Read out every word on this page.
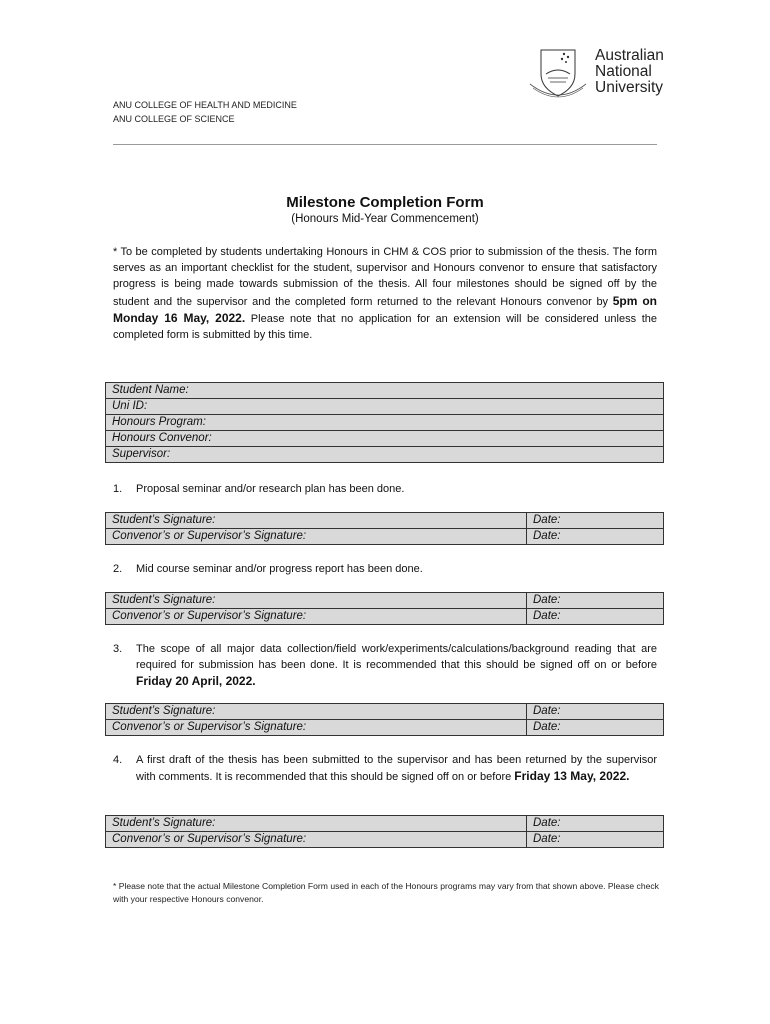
Australian
National
University
ANU COLLEGE OF HEALTH AND MEDICINE
ANU COLLEGE OF SCIENCE
Milestone Completion Form
(Honours Mid-Year Commencement)
* To be completed by students undertaking Honours in CHM & COS prior to submission of the thesis. The form serves as an important checklist for the student, supervisor and Honours convenor to ensure that satisfactory progress is being made towards submission of the thesis. All four milestones should be signed off by the student and the supervisor and the completed form returned to the relevant Honours convenor by 5pm on Monday 16 May, 2022. Please note that no application for an extension will be considered unless the completed form is submitted by this time.
Student Name:
Uni ID:
Honours Program:
Honours Convenor:
Supervisor:
1. Proposal seminar and/or research plan has been done.
Student’s Signature:	Date:
Convenor’s or Supervisor’s Signature:	Date:
2. Mid course seminar and/or progress report has been done.
Student’s Signature:	Date:
Convenor’s or Supervisor’s Signature:	Date:
3. The scope of all major data collection/field work/experiments/calculations/background reading that are required for submission has been done. It is recommended that this should be signed off on or before Friday 20 April, 2022.
Student’s Signature:	Date:
Convenor’s or Supervisor’s Signature:	Date:
4. A first draft of the thesis has been submitted to the supervisor and has been returned by the supervisor with comments. It is recommended that this should be signed off on or before Friday 13 May, 2022.
Student’s Signature:	Date:
Convenor’s or Supervisor’s Signature:	Date:
* Please note that the actual Milestone Completion Form used in each of the Honours programs may vary from that shown above. Please check with your respective Honours convenor.
